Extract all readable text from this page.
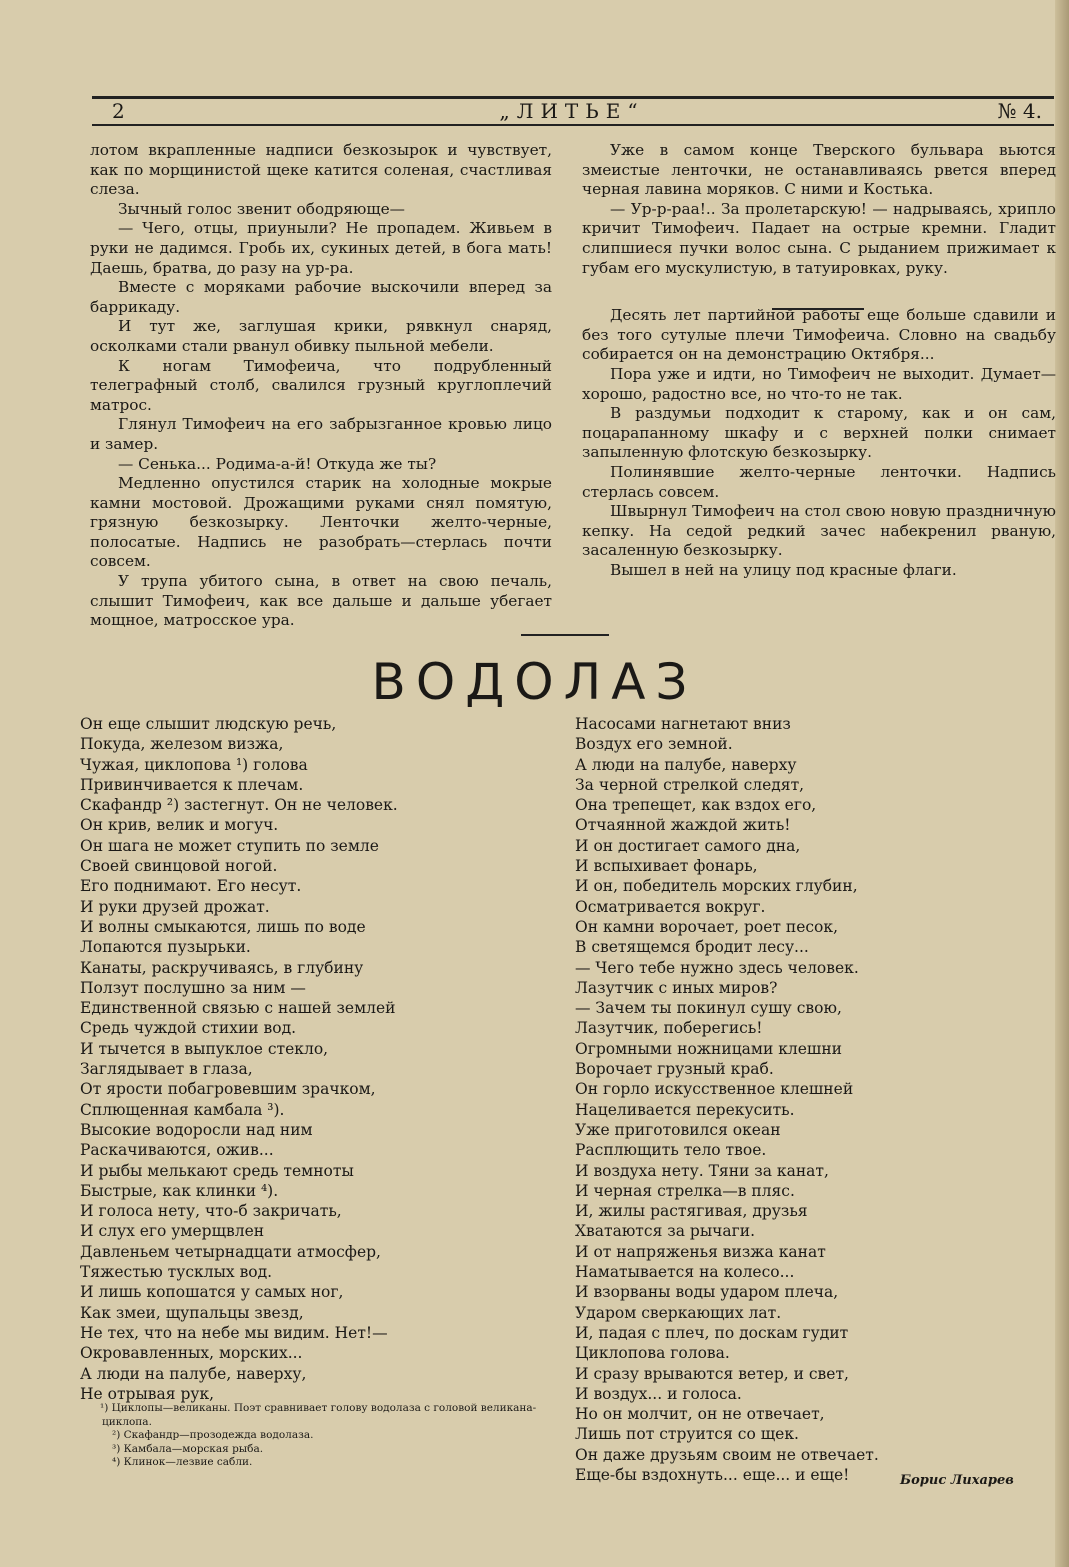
2	„ЛИТЬЕ“	№ 4.

лотом вкрапленные надписи безкозырок и чувствует, как по морщинистой щеке катится соленая, счастливая слеза.

Зычный голос звенит ободряюще—

— Чего, отцы, приуныли? Не пропадем. Живьем в руки не дадимся. Гробь их, сукиных детей, в бога мать! Даешь, братва, до разу на ур-ра.

Вместе с моряками рабочие выскочили вперед за баррикаду.

И тут же, заглушая крики, рявкнул снаряд, осколками стали рванул обивку пыльной мебели.

К ногам Тимофеича, что подрубленный телеграфный столб, свалился грузный круглоплечий матрос.

Глянул Тимофеич на его забрызганное кровью лицо и замер.

— Сенька... Родима-а-й! Откуда же ты?

Медленно опустился старик на холодные мокрые камни мостовой. Дрожащими руками снял помятую, грязную безкозырку. Ленточки желто-черные, полосатые. Надпись не разобрать—стерлась почти совсем.

У трупа убитого сына, в ответ на свою печаль, слышит Тимофеич, как все дальше и дальше убегает мощное, матросское ура.

Уже в самом конце Тверского бульвара вьются змеистые ленточки, не останавливаясь рвется вперед черная лавина моряков. С ними и Костька.

— Ур-р-раа!.. За пролетарскую! — надрываясь, хрипло кричит Тимофеич. Падает на острые кремни. Гладит слипшиеся пучки волос сына. С рыданием прижимает к губам его мускулистую, в татуировках, руку.

Десять лет партийной работы еще больше сдавили и без того сутулые плечи Тимофеича. Словно на свадьбу собирается он на демонстрацию Октября...

Пора уже и идти, но Тимофеич не выходит. Думает— хорошо, радостно все, но что-то не так.

В раздумьи подходит к старому, как и он сам, поцарапанному шкафу и с верхней полки снимает запыленную флотскую безкозырку.

Полинявшие желто-черные ленточки. Надпись стерлась совсем.

Швырнул Тимофеич на стол свою новую праздничную кепку. На седой редкий зачес набекренил рваную, засаленную безкозырку.

Вышел в ней на улицу под красные флаги.

ВОДОЛАЗ
Он еще слышит людскую речь,
Покуда, железом визжа,
Чужая, циклопова ¹) голова
Привинчивается к плечам.
Скафандр ²) застегнут. Он не человек.
Он крив, велик и могуч.
Он шага не может ступить по земле
Своей свинцовой ногой.
Его поднимают. Его несут.
И руки друзей дрожат.
И волны смыкаются, лишь по воде
Лопаются пузырьки.
Канаты, раскручиваясь, в глубину
Ползут послушно за ним —
Единственной связью с нашей землей
Средь чуждой стихии вод.
И тычется в выпуклое стекло,
Заглядывает в глаза,
От ярости побагровевшим зрачком,
Сплющенная камбала ³).
Высокие водоросли над ним
Раскачиваются, ожив...
И рыбы мелькают средь темноты
Быстрые, как клинки ⁴).
И голоса нету, что-б закричать,
И слух его умерщвлен
Давленьем четырнадцати атмосфер,
Тяжестью тусклых вод.
И лишь копошатся у самых ног,
Как змеи, щупальцы звезд,
Не тех, что на небе мы видим. Нет!—
Окровавленных, морских...
А люди на палубе, наверху,
Не отрывая рук,
Насосами нагнетают вниз
Воздух его земной.
А люди на палубе, наверху
За черной стрелкой следят,
Она трепещет, как вздох его,
Отчаянной жаждой жить!
И он достигает самого дна,
И вспыхивает фонарь,
И он, победитель морских глубин,
Осматривается вокруг.
Он камни ворочает, роет песок,
В светящемся бродит лесу...
— Чего тебе нужно здесь человек.
Лазутчик с иных миров?
— Зачем ты покинул сушу свою,
Лазутчик, поберегись!
Огромными ножницами клешни
Ворочает грузный краб.
Он горло искусственное клешней
Нацеливается перекусить.
Уже приготовился океан
Расплющить тело твое.
И воздуха нету. Тяни за канат,
И черная стрелка—в пляс.
И, жилы растягивая, друзья
Хватаются за рычаги.
И от напряженья визжа канат
Наматывается на колесо...
И взорваны воды ударом плеча,
Ударом сверкающих лат.
И, падая с плеч, по доскам гудит
Циклопова голова.
И сразу врываются ветер, и свет,
И воздух... и голоса.
Но он молчит, он не отвечает,
Лишь пот струится со щек.
Он даже друзьям своим не отвечает.
Еще-бы вздохнуть... еще... и еще!
¹) Циклопы—великаны. Поэт сравнивает голову водолаза с головой великана-циклопа.
²) Скафандр—прозодежда водолаза.
³) Камбала—морская рыба.
⁴) Клинок—лезвие сабли.
Борис Лихарев
